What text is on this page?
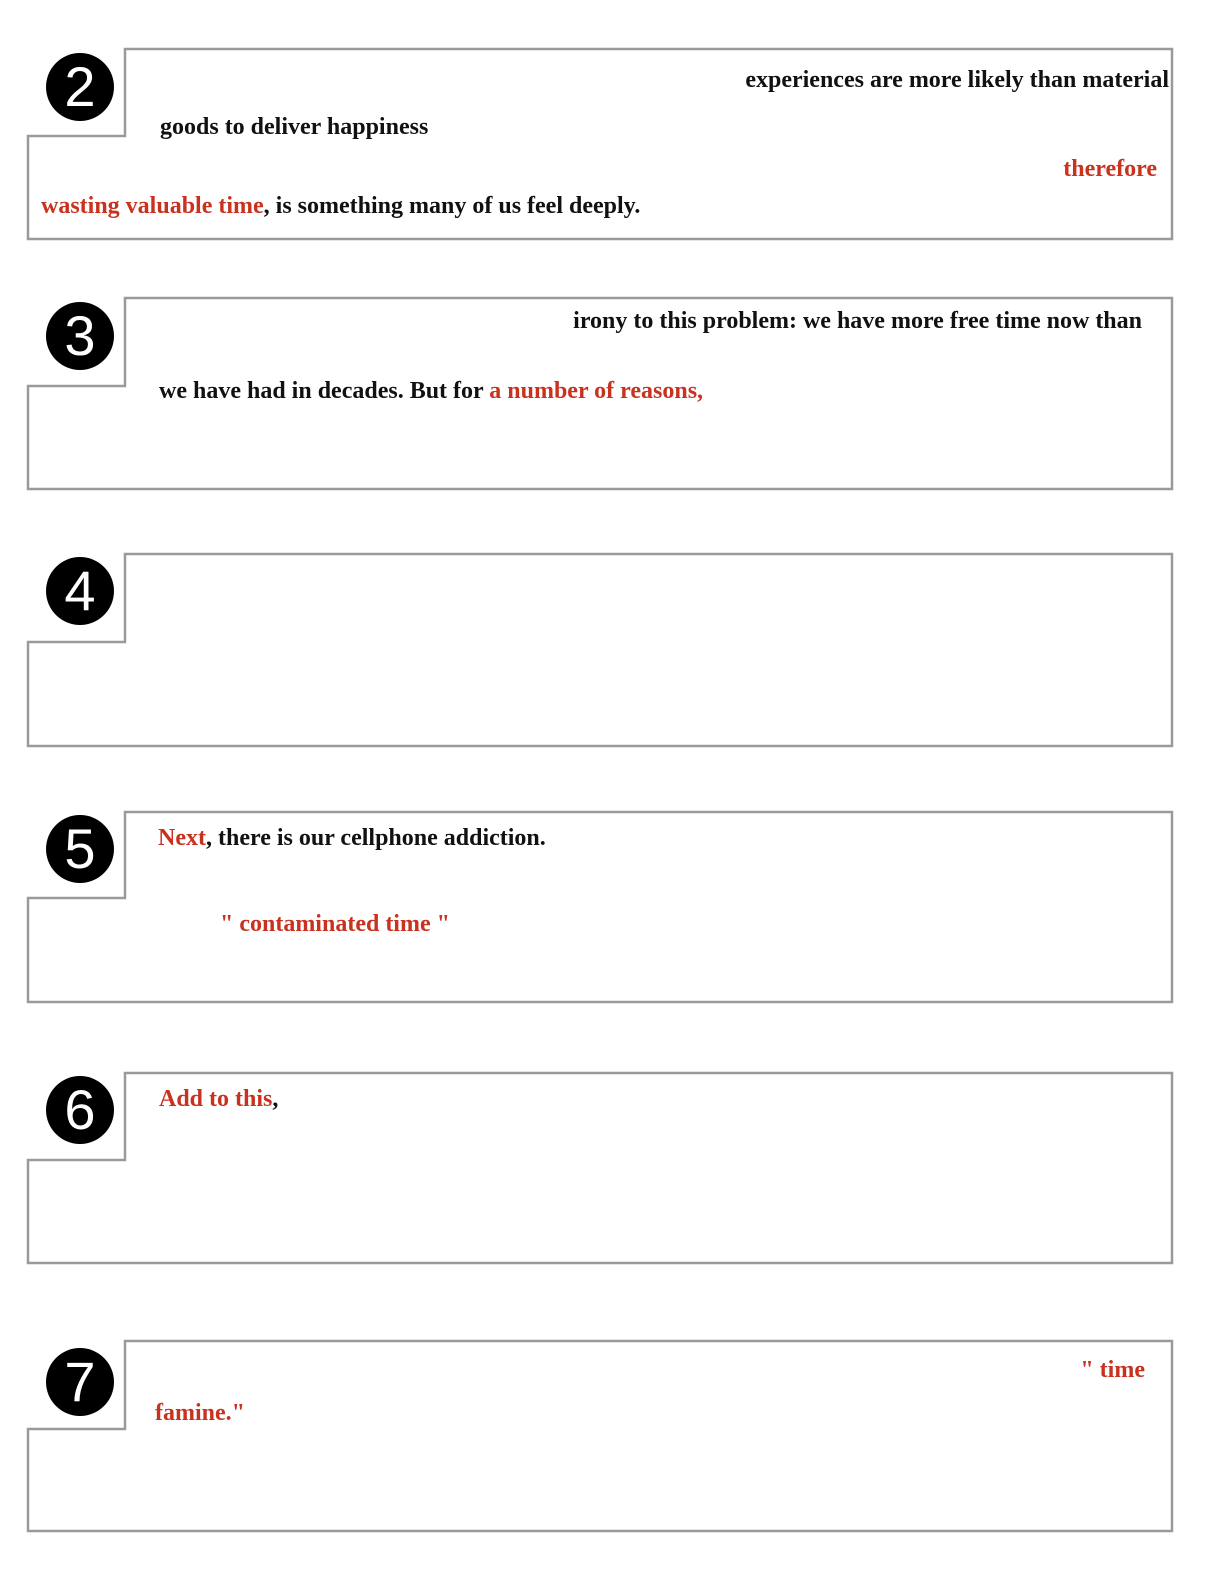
2	experiences are more likely than material
goods to deliver happiness
therefore
wasting valuable time, is something many of us feel deeply.
3	irony to this problem: we have more free time now than
we have had in decades. But for a number of reasons,
4
5	Next, there is our cellphone addiction.
" contaminated time "
6	Add to this,
7	" time
famine."
